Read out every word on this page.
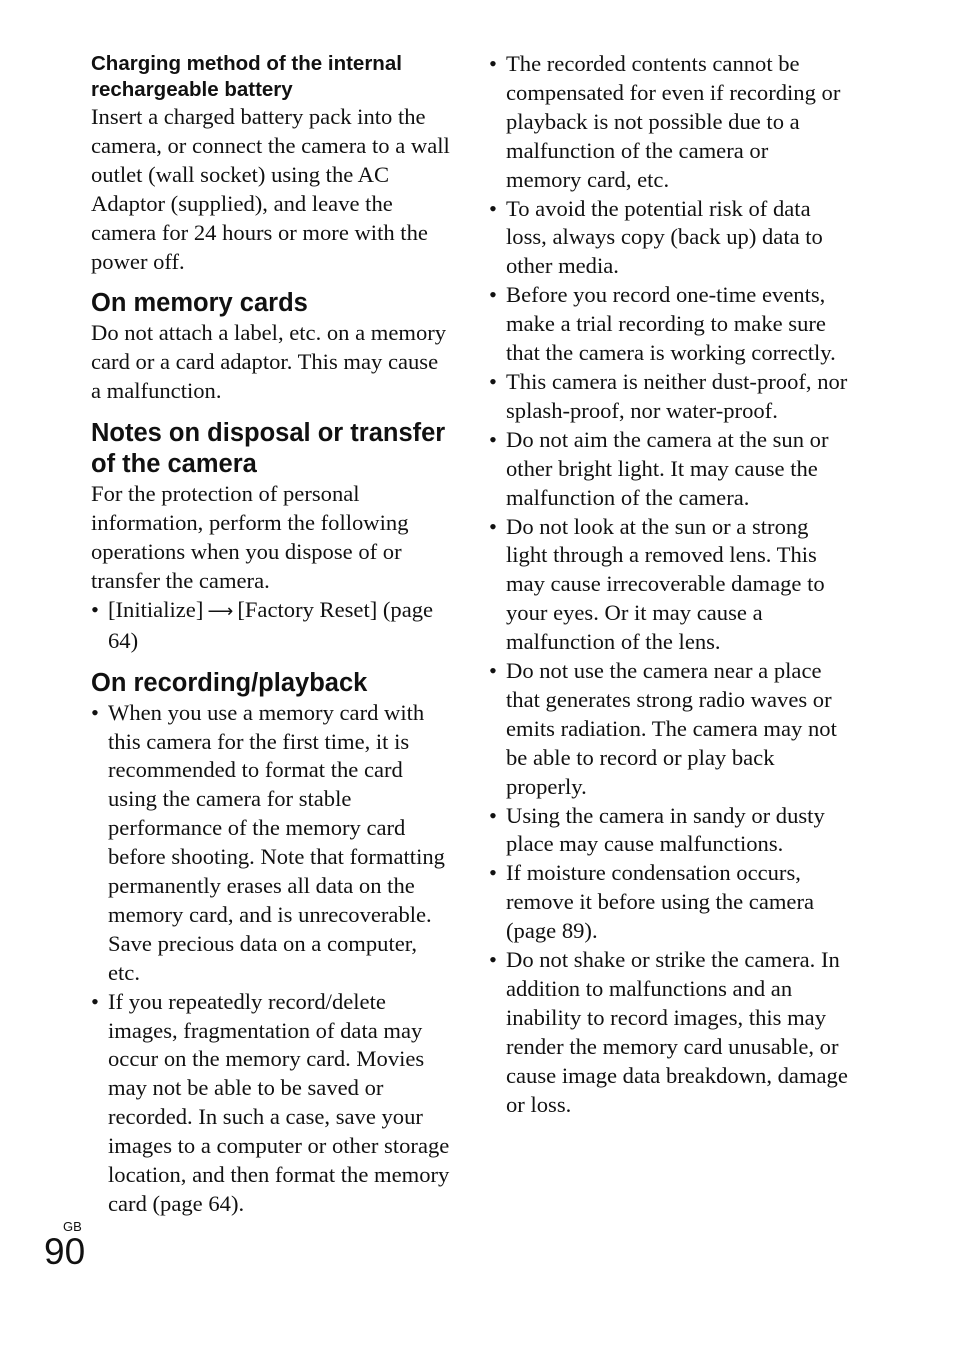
Charging method of the internal rechargeable battery

Insert a charged battery pack into the camera, or connect the camera to a wall outlet (wall socket) using the AC Adaptor (supplied), and leave the camera for 24 hours or more with the power off.

On memory cards

Do not attach a label, etc. on a memory card or a card adaptor. This may cause a malfunction.

Notes on disposal or transfer of the camera

For the protection of personal information, perform the following operations when you dispose of or transfer the camera.

• [Initialize] ⟶ [Factory Reset] (page 64)
On recording/playback
• When you use a memory card with this camera for the first time, it is recommended to format the card using the camera for stable performance of the memory card before shooting. Note that formatting permanently erases all data on the memory card, and is unrecoverable. Save precious data on a computer, etc.
• If you repeatedly record/delete images, fragmentation of data may occur on the memory card. Movies may not be able to be saved or recorded. In such a case, save your images to a computer or other storage location, and then format the memory card (page 64).
• The recorded contents cannot be compensated for even if recording or playback is not possible due to a malfunction of the camera or memory card, etc.
• To avoid the potential risk of data loss, always copy (back up) data to other media.
• Before you record one-time events, make a trial recording to make sure that the camera is working correctly.
• This camera is neither dust-proof, nor splash-proof, nor water-proof.
• Do not aim the camera at the sun or other bright light. It may cause the malfunction of the camera.
• Do not look at the sun or a strong light through a removed lens. This may cause irrecoverable damage to your eyes. Or it may cause a malfunction of the lens.
• Do not use the camera near a place that generates strong radio waves or emits radiation. The camera may not be able to record or play back properly.
• Using the camera in sandy or dusty place may cause malfunctions.
• If moisture condensation occurs, remove it before using the camera (page 89).
• Do not shake or strike the camera. In addition to malfunctions and an inability to record images, this may render the memory card unusable, or cause image data breakdown, damage or loss.
GB
90
